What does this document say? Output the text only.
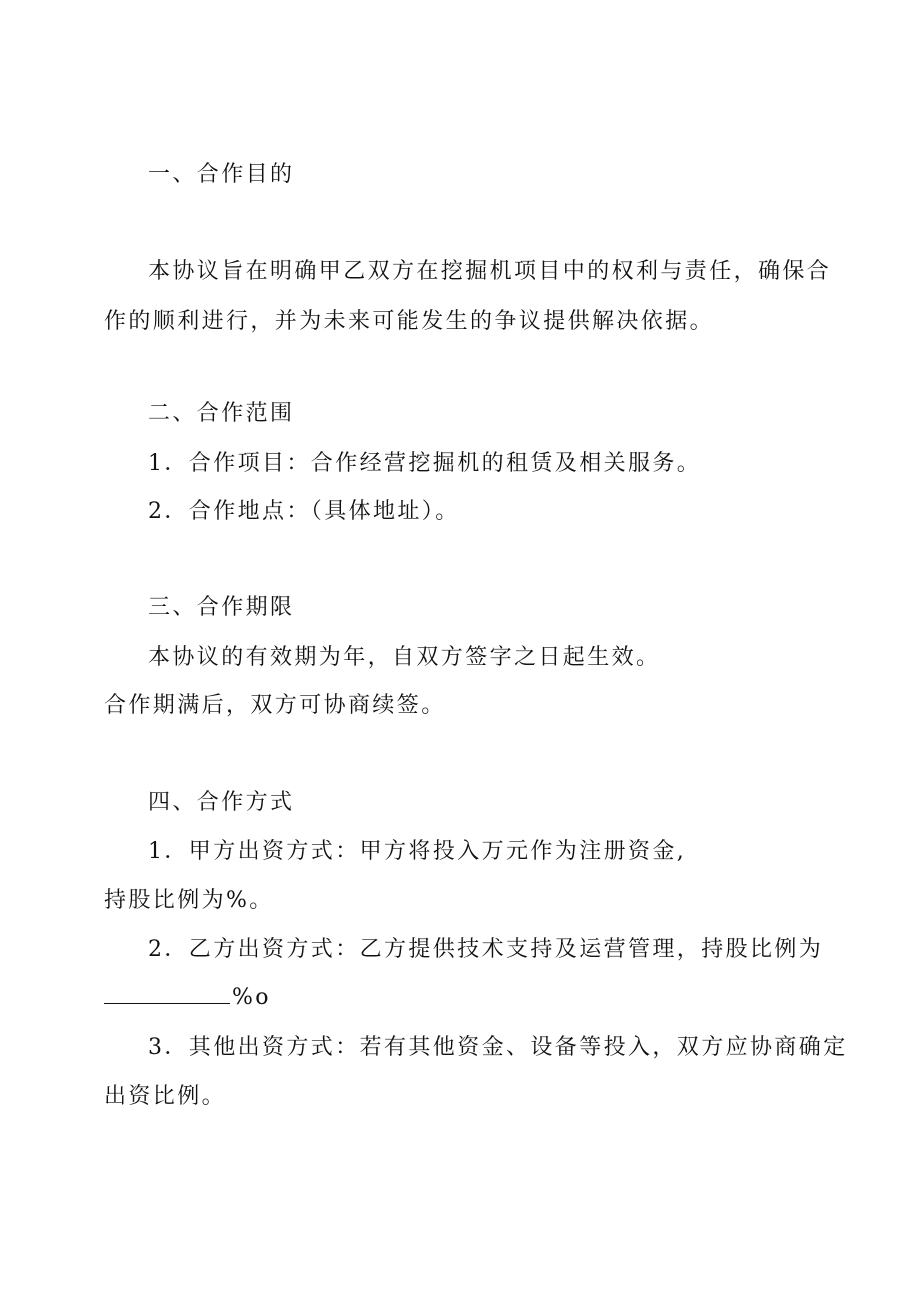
一、合作目的
本协议旨在明确甲乙双方在挖掘机项目中的权利与责任，确保合
作的顺利进行，并为未来可能发生的争议提供解决依据。
二、合作范围
1．合作项目：合作经营挖掘机的租赁及相关服务。
2．合作地点：（具体地址）。
三、合作期限
本协议的有效期为年，自双方签字之日起生效。
合作期满后，双方可协商续签。
四、合作方式
1．甲方出资方式：甲方将投入万元作为注册资金,
持股比例为%。
2．乙方出资方式：乙方提供技术支持及运营管理，持股比例为
%o
3．其他出资方式：若有其他资金、设备等投入，双方应协商确定
出资比例。
